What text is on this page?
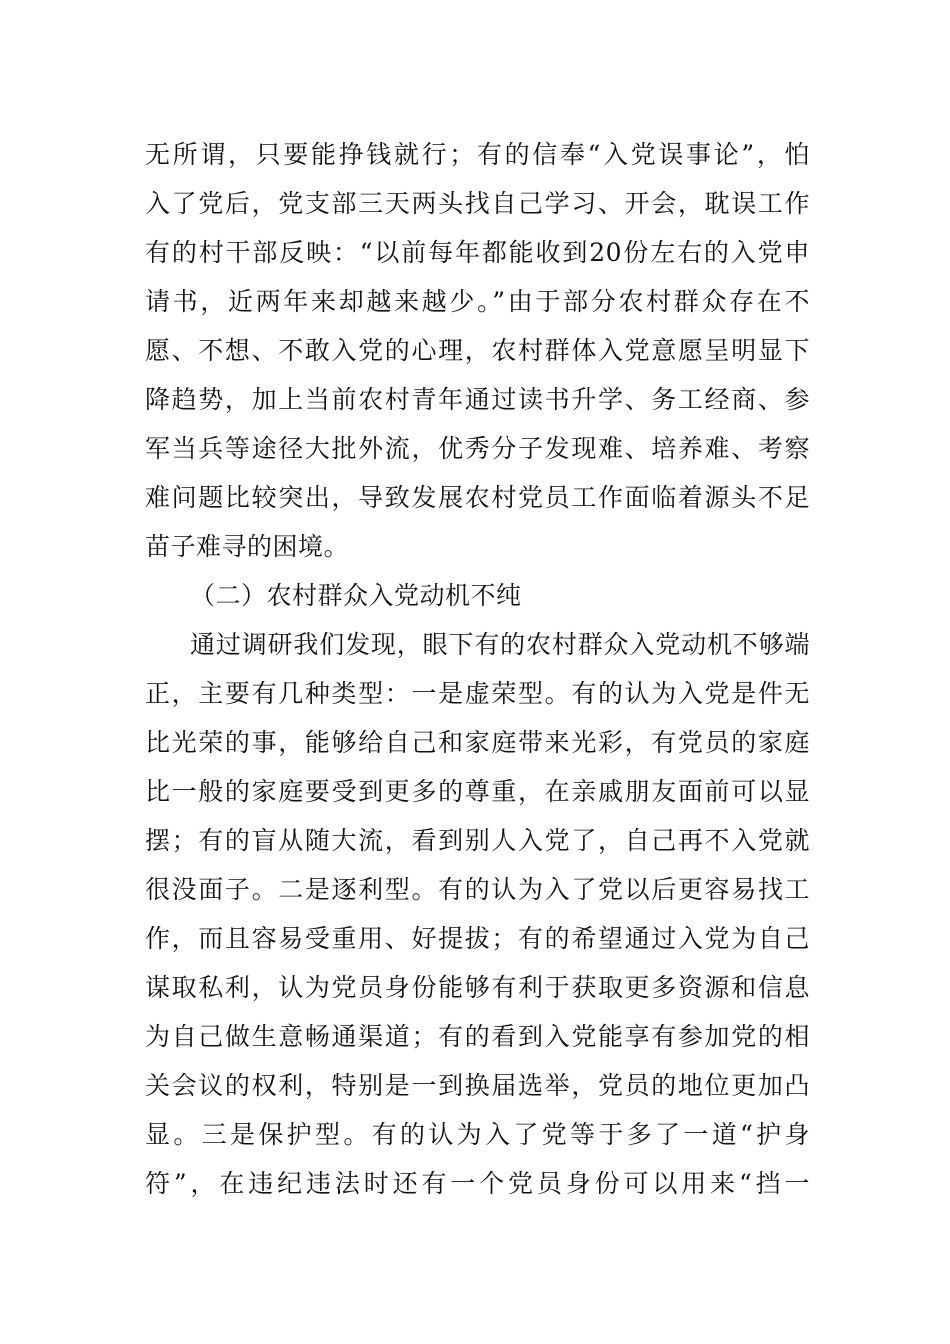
无所谓，只要能挣钱就行；有的信奉“入党误事论”，怕
入了党后，党支部三天两头找自己学习、开会，耽误工作
有的村干部反映：“以前每年都能收到20份左右的入党申
请书，近两年来却越来越少。”由于部分农村群众存在不
愿、不想、不敢入党的心理，农村群体入党意愿呈明显下
降趋势，加上当前农村青年通过读书升学、务工经商、参
军当兵等途径大批外流，优秀分子发现难、培养难、考察
难问题比较突出，导致发展农村党员工作面临着源头不足
苗子难寻的困境。
（二）农村群众入党动机不纯
通过调研我们发现，眼下有的农村群众入党动机不够端
正，主要有几种类型：一是虚荣型。有的认为入党是件无
比光荣的事，能够给自己和家庭带来光彩，有党员的家庭
比一般的家庭要受到更多的尊重，在亲戚朋友面前可以显
摆；有的盲从随大流，看到别人入党了，自己再不入党就
很没面子。二是逐利型。有的认为入了党以后更容易找工
作，而且容易受重用、好提拔；有的希望通过入党为自己
谋取私利，认为党员身份能够有利于获取更多资源和信息
为自己做生意畅通渠道；有的看到入党能享有参加党的相
关会议的权利，特别是一到换届选举，党员的地位更加凸
显。三是保护型。有的认为入了党等于多了一道“护身
符”，在违纪违法时还有一个党员身份可以用来“挡一
